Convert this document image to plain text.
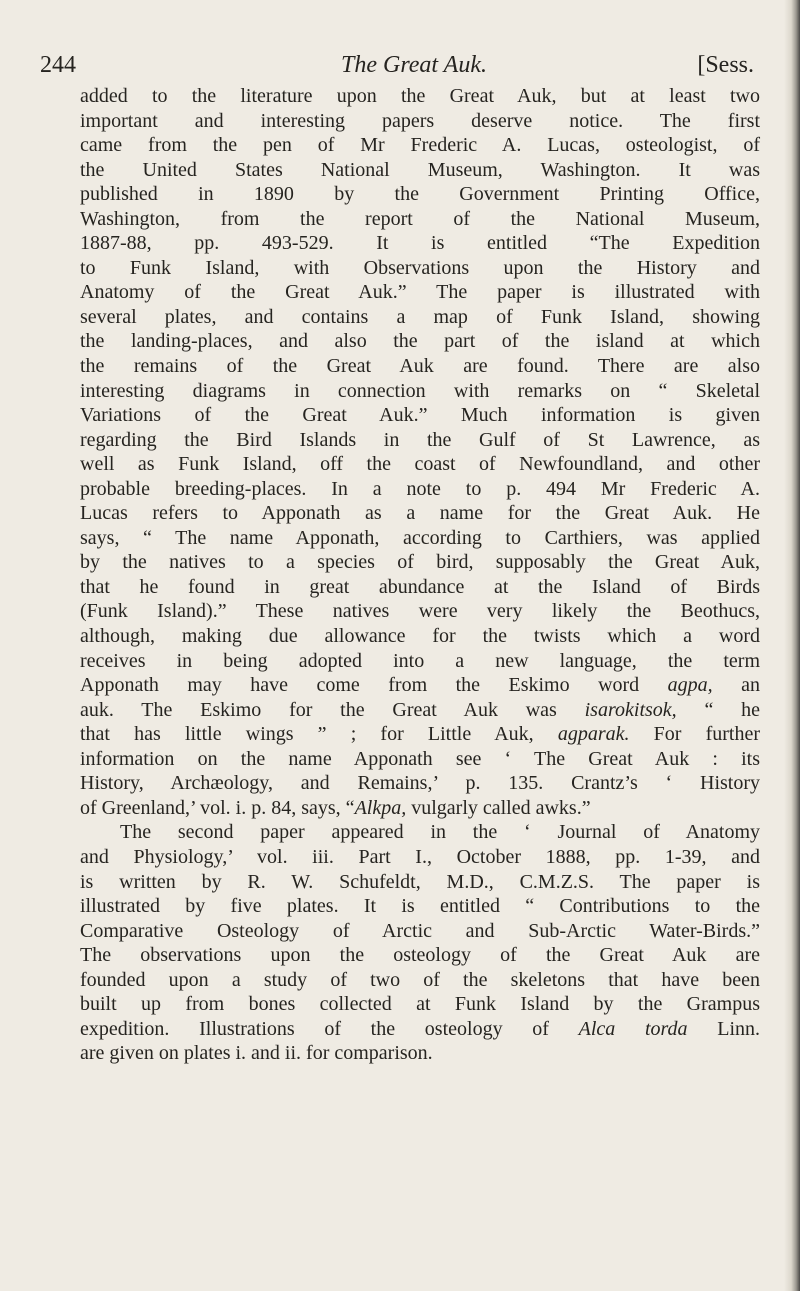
244	The Great Auk.	[Sess.
added to the literature upon the Great Auk, but at least two
important and interesting papers deserve notice. The first
came from the pen of Mr Frederic A. Lucas, osteologist, of
the United States National Museum, Washington. It was
published in 1890 by the Government Printing Office,
Washington, from the report of the National Museum,
1887-88, pp. 493-529. It is entitled “The Expedition
to Funk Island, with Observations upon the History and
Anatomy of the Great Auk.” The paper is illustrated with
several plates, and contains a map of Funk Island, showing
the landing-places, and also the part of the island at which
the remains of the Great Auk are found. There are also
interesting diagrams in connection with remarks on “ Skeletal
Variations of the Great Auk.” Much information is given
regarding the Bird Islands in the Gulf of St Lawrence, as
well as Funk Island, off the coast of Newfoundland, and other
probable breeding-places. In a note to p. 494 Mr Frederic A.
Lucas refers to Apponath as a name for the Great Auk. He
says, “ The name Apponath, according to Carthiers, was applied
by the natives to a species of bird, supposably the Great Auk,
that he found in great abundance at the Island of Birds
(Funk Island).” These natives were very likely the Beothucs,
although, making due allowance for the twists which a word
receives in being adopted into a new language, the term
Apponath may have come from the Eskimo word agpa, an
auk. The Eskimo for the Great Auk was isarokitsok, “ he
that has little wings ” ; for Little Auk, agparak. For further
information on the name Apponath see ‘ The Great Auk : its
History, Archæology, and Remains,’ p. 135. Crantz’s ‘ History
of Greenland,’ vol. i. p. 84, says, “Alkpa, vulgarly called awks.”
The second paper appeared in the ‘ Journal of Anatomy
and Physiology,’ vol. iii. Part I., October 1888, pp. 1-39, and
is written by R. W. Schufeldt, M.D., C.M.Z.S. The paper is
illustrated by five plates. It is entitled “ Contributions to the
Comparative Osteology of Arctic and Sub-Arctic Water-Birds.”
The observations upon the osteology of the Great Auk are
founded upon a study of two of the skeletons that have been
built up from bones collected at Funk Island by the Grampus
expedition. Illustrations of the osteology of Alca torda Linn.
are given on plates i. and ii. for comparison.
